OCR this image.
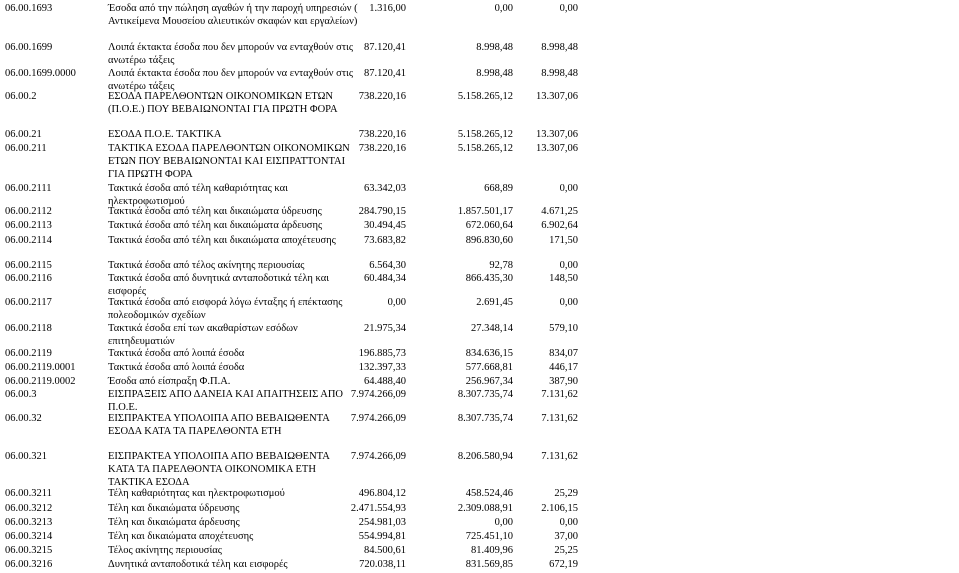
06.00.1693	Έσοδα από την πώληση αγαθών ή την παροχή υπηρεσιών ( Αντικείμενα Μουσείου αλιευτικών σκαφών και εργαλείων)
1.316,00	0,00	0,00
06.00.1699	Λοιπά έκτακτα έσοδα που δεν μπορούν να ενταχθούν στις ανωτέρω τάξεις
87.120,41	8.998,48	8.998,48
06.00.1699.0000	Λοιπά έκτακτα έσοδα που δεν μπορούν να ενταχθούν στις ανωτέρω τάξεις
87.120,41	8.998,48	8.998,48
06.00.2	ΕΣΟΔΑ ΠΑΡΕΛΘΟΝΤΩΝ ΟΙΚΟΝΟΜΙΚΩΝ ΕΤΩΝ (Π.Ο.Ε.) ΠΟΥ ΒΕΒΑΙΩΝΟΝΤΑΙ ΓΙΑ ΠΡΩΤΗ ΦΟΡΑ
738.220,16	5.158.265,12 13.307,06
06.00.21	ΕΣΟΔΑ Π.Ο.Ε. ΤΑΚΤΙΚΑ	738.220,16	5.158.265,12 13.307,06
06.00.211	ΤΑΚΤΙΚΑ ΕΣΟΔΑ ΠΑΡΕΛΘΟΝΤΩΝ ΟΙΚΟΝΟΜΙΚΩΝ ΕΤΩΝ ΠΟΥ ΒΕΒΑΙΩΝΟΝΤΑΙ ΚΑΙ ΕΙΣΠΡΑΤΤΟΝΤΑΙ ΓΙΑ ΠΡΩΤΗ ΦΟΡΑ
738.220,16	5.158.265,12 13.307,06
06.00.2111	Τακτικά έσοδα από τέλη καθαριότητας και ηλεκτροφωτισμού
63.342,03	668,89	0,00
06.00.2112	Τακτικά έσοδα από τέλη και δικαιώματα ύδρευσης	284.790,15	1.857.501,17	4.671,25
06.00.2113	Τακτικά έσοδα από τέλη και δικαιώματα άρδευσης	30.494,45	672.060,64	6.902,64
06.00.2114	Τακτικά έσοδα από τέλη και δικαιώματα αποχέτευσης	73.683,82	896.830,60	171,50
06.00.2115	Τακτικά έσοδα από τέλος ακίνητης περιουσίας	6.564,30	92,78	0,00
06.00.2116	Τακτικά έσοδα από δυνητικά ανταποδοτικά τέλη και εισφορές
60.484,34	866.435,30	148,50
06.00.2117	Τακτικά έσοδα από εισφορά λόγω ένταξης ή επέκτασης πολεοδομικών σχεδίων
0,00	2.691,45	0,00
06.00.2118	Τακτικά έσοδα επί των ακαθαρίστων εσόδων επιτηδευματιών
21.975,34	27.348,14	579,10
06.00.2119	Τακτικά έσοδα από λοιπά έσοδα	196.885,73	834.636,15	834,07
06.00.2119.0001	Τακτικά έσοδα από λοιπά έσοδα	132.397,33	577.668,81	446,17
06.00.2119.0002	Έσοδα από είσπραξη Φ.Π.Α.	64.488,40	256.967,34	387,90
06.00.3	ΕΙΣΠΡΑΞΕΙΣ ΑΠΟ ΔΑΝΕΙΑ ΚΑΙ ΑΠΑΙΤΗΣΕΙΣ ΑΠΟ Π.Ο.Ε.
7.974.266,09	8.307.735,74	7.131,62
06.00.32	ΕΙΣΠΡΑΚΤΕΑ ΥΠΟΛΟΙΠΑ ΑΠΟ ΒΕΒΑΙΩΘΕΝΤΑ ΕΣΟΔΑ ΚΑΤΑ ΤΑ ΠΑΡΕΛΘΟΝΤΑ ΕΤΗ
7.974.266,09	8.307.735,74	7.131,62
06.00.321	ΕΙΣΠΡΑΚΤΕΑ ΥΠΟΛΟΙΠΑ ΑΠΟ ΒΕΒΑΙΩΘΕΝΤΑ ΚΑΤΑ ΤΑ ΠΑΡΕΛΘΟΝΤΑ ΟΙΚΟΝΟΜΙΚΑ ΕΤΗ ΤΑΚΤΙΚΑ ΕΣΟΔΑ
7.974.266,09	8.206.580,94	7.131,62
06.00.3211	Τέλη καθαριότητας και ηλεκτροφωτισμού	496.804,12	458.524,46	25,29
06.00.3212	Τέλη και δικαιώματα ύδρευσης	2.471.554,93	2.309.088,91	2.106,15
06.00.3213	Τέλη και δικαιώματα άρδευσης	254.981,03	0,00	0,00
06.00.3214	Τέλη και δικαιώματα αποχέτευσης	554.994,81	725.451,10	37,00
06.00.3215	Τέλος ακίνητης περιουσίας	84.500,61	81.409,96	25,25
06.00.3216	Δυνητικά ανταποδοτικά τέλη και εισφορές	720.038,11	831.569,85	672,19
